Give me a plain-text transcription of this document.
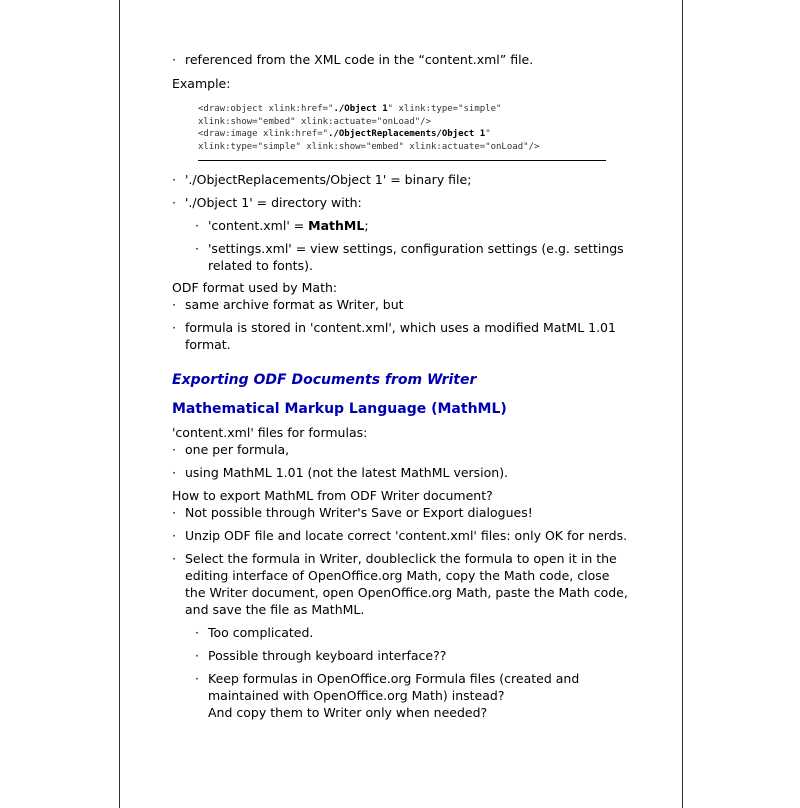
· referenced from the XML code in the “content.xml” file.

Example:

<draw:object xlink:href="./Object 1" xlink:type="simple"
xlink:show="embed" xlink:actuate="onLoad"/>
<draw:image xlink:href="./ObjectReplacements/Object 1"
xlink:type="simple" xlink:show="embed" xlink:actuate="onLoad"/>

· './ObjectReplacements/Object 1' = binary file;

· './Object 1' = directory with:

· 'content.xml' = MathML;

· 'settings.xml' = view settings, configuration settings (e.g. settings related to fonts).

ODF format used by Math:

· same archive format as Writer, but

· formula is stored in 'content.xml', which uses a modified MatML 1.01 format.

Exporting ODF Documents from Writer

Mathematical Markup Language (MathML)

'content.xml' files for formulas:

· one per formula,

· using MathML 1.01 (not the latest MathML version).

How to export MathML from ODF Writer document?

· Not possible through Writer's Save or Export dialogues!

· Unzip ODF file and locate correct 'content.xml' files: only OK for nerds.

· Select the formula in Writer, doubleclick the formula to open it in the editing interface of OpenOffice.org Math, copy the Math code, close the Writer document, open OpenOffice.org Math, paste the Math code, and save the file as MathML.

· Too complicated.

· Possible through keyboard interface??

· Keep formulas in OpenOffice.org Formula files (created and maintained with OpenOffice.org Math) instead?
And copy them to Writer only when needed?
